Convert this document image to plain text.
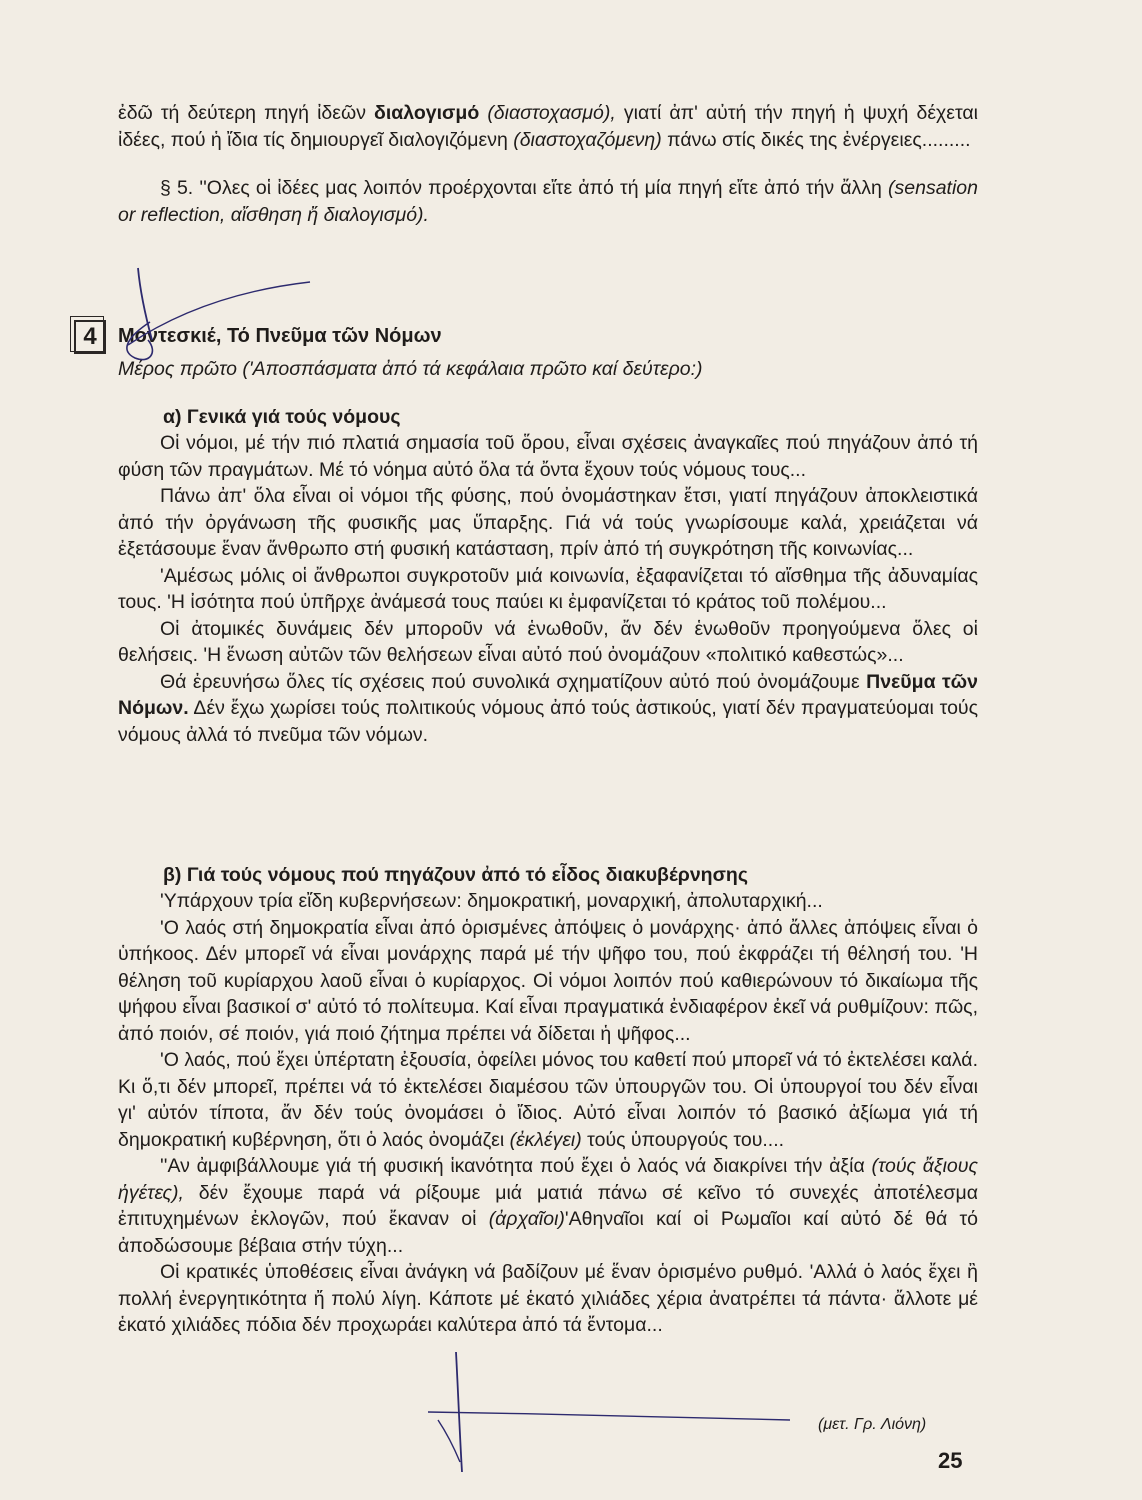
ἐδῶ τή δεύτερη πηγή ἰδεῶν διαλογισμό (διαστοχασμό), γιατί ἀπ' αὐτή τήν πηγή ἡ ψυχή δέχεται ἰδέες, πού ἡ ἴδια τίς δημιουργεῖ διαλογιζόμενη (διαστοχαζόμενη) πάνω στίς δικές της ἐνέργειες.........

§ 5. ''Ολες οἱ ἰδέες μας λοιπόν προέρχονται εἴτε ἀπό τή μία πηγή εἴτε ἀπό τήν ἄλλη (sensation or reflection, αἴσθηση ἤ διαλογισμό).

4 Μοντεσκιέ, Τό Πνεῦμα τῶν Νόμων
Μέρος πρῶτο ('Αποσπάσματα ἀπό τά κεφάλαια πρῶτο καί δεύτερο:)
α) Γενικά γιά τούς νόμους

Οἱ νόμοι, μέ τήν πιό πλατιά σημασία τοῦ ὅρου, εἶναι σχέσεις ἀναγκαῖες πού πηγάζουν ἀπό τή φύση τῶν πραγμάτων. Μέ τό νόημα αὐτό ὅλα τά ὄντα ἔχουν τούς νόμους τους...

Πάνω ἀπ' ὅλα εἶναι οἱ νόμοι τῆς φύσης, πού ὀνομάστηκαν ἔτσι, γιατί πηγάζουν ἀποκλειστικά ἀπό τήν ὀργάνωση τῆς φυσικῆς μας ὕπαρξης. Γιά νά τούς γνωρίσουμε καλά, χρειάζεται νά ἐξετάσουμε ἕναν ἄνθρωπο στή φυσική κατάσταση, πρίν ἀπό τή συγκρότηση τῆς κοινωνίας...

'Αμέσως μόλις οἱ ἄνθρωποι συγκροτοῦν μιά κοινωνία, ἐξαφανίζεται τό αἴσθημα τῆς ἀδυναμίας τους. 'Η ἰσότητα πού ὑπῆρχε ἀνάμεσά τους παύει κι ἐμφανίζεται τό κράτος τοῦ πολέμου...

Οἱ ἀτομικές δυνάμεις δέν μποροῦν νά ἑνωθοῦν, ἄν δέν ἑνωθοῦν προηγούμενα ὅλες οἱ θελήσεις. 'Η ἕνωση αὐτῶν τῶν θελήσεων εἶναι αὐτό πού ὀνομάζουν «πολιτικό καθεστώς»...

Θά ἐρευνήσω ὅλες τίς σχέσεις πού συνολικά σχηματίζουν αὐτό πού ὀνομάζουμε Πνεῦμα τῶν Νόμων. Δέν ἔχω χωρίσει τούς πολιτικούς νόμους ἀπό τούς ἀστικούς, γιατί δέν πραγματεύομαι τούς νόμους ἀλλά τό πνεῦμα τῶν νόμων.

β) Γιά τούς νόμους πού πηγάζουν ἀπό τό εἶδος διακυβέρνησης

'Υπάρχουν τρία εἴδη κυβερνήσεων: δημοκρατική, μοναρχική, ἀπολυταρχική...

'Ο λαός στή δημοκρατία εἶναι ἀπό ὁρισμένες ἀπόψεις ὁ μονάρχης· ἀπό ἄλλες ἀπόψεις εἶναι ὁ ὑπήκοος. Δέν μπορεῖ νά εἶναι μονάρχης παρά μέ τήν ψῆφο του, πού ἐκφράζει τή θέλησή του. 'Η θέληση τοῦ κυρίαρχου λαοῦ εἶναι ὁ κυρίαρχος. Οἱ νόμοι λοιπόν πού καθιερώνουν τό δικαίωμα τῆς ψήφου εἶναι βασικοί σ' αὐτό τό πολίτευμα. Καί εἶναι πραγματικά ἐνδιαφέρον ἐκεῖ νά ρυθμίζουν: πῶς, ἀπό ποιόν, σέ ποιόν, γιά ποιό ζήτημα πρέπει νά δίδεται ἡ ψῆφος...

'Ο λαός, πού ἔχει ὑπέρτατη ἐξουσία, ὀφείλει μόνος του καθετί πού μπορεῖ νά τό ἐκτελέσει καλά. Κι ὅ,τι δέν μπορεῖ, πρέπει νά τό ἐκτελέσει διαμέσου τῶν ὑπουργῶν του. Οἱ ὑπουργοί του δέν εἶναι γι' αὐτόν τίποτα, ἄν δέν τούς ὀνομάσει ὁ ἴδιος. Αὐτό εἶναι λοιπόν τό βασικό ἀξίωμα γιά τή δημοκρατική κυβέρνηση, ὅτι ὁ λαός ὀνομάζει (ἐκλέγει) τούς ὑπουργούς του....

''Αν ἀμφιβάλλουμε γιά τή φυσική ἱκανότητα πού ἔχει ὁ λαός νά διακρίνει τήν ἀξία (τούς ἄξιους ἡγέτες), δέν ἔχουμε παρά νά ρίξουμε μιά ματιά πάνω σέ κεῖνο τό συνεχές ἀποτέλεσμα ἐπιτυχημένων ἐκλογῶν, πού ἔκαναν οἱ (ἀρχαῖοι)'Αθηναῖοι καί οἱ Ρωμαῖοι καί αὐτό δέ θά τό ἀποδώσουμε βέβαια στήν τύχη...

Οἱ κρατικές ὑποθέσεις εἶναι ἀνάγκη νά βαδίζουν μέ ἕναν ὁρισμένο ρυθμό. 'Αλλά ὁ λαός ἔχει ἢ πολλή ἐνεργητικότητα ἤ πολύ λίγη. Κάποτε μέ ἑκατό χιλιάδες χέρια ἀνατρέπει τά πάντα· ἄλλοτε μέ ἑκατό χιλιάδες πόδια δέν προχωράει καλύτερα ἀπό τά ἔντομα...

(μετ. Γρ. Λιόνη)
25
